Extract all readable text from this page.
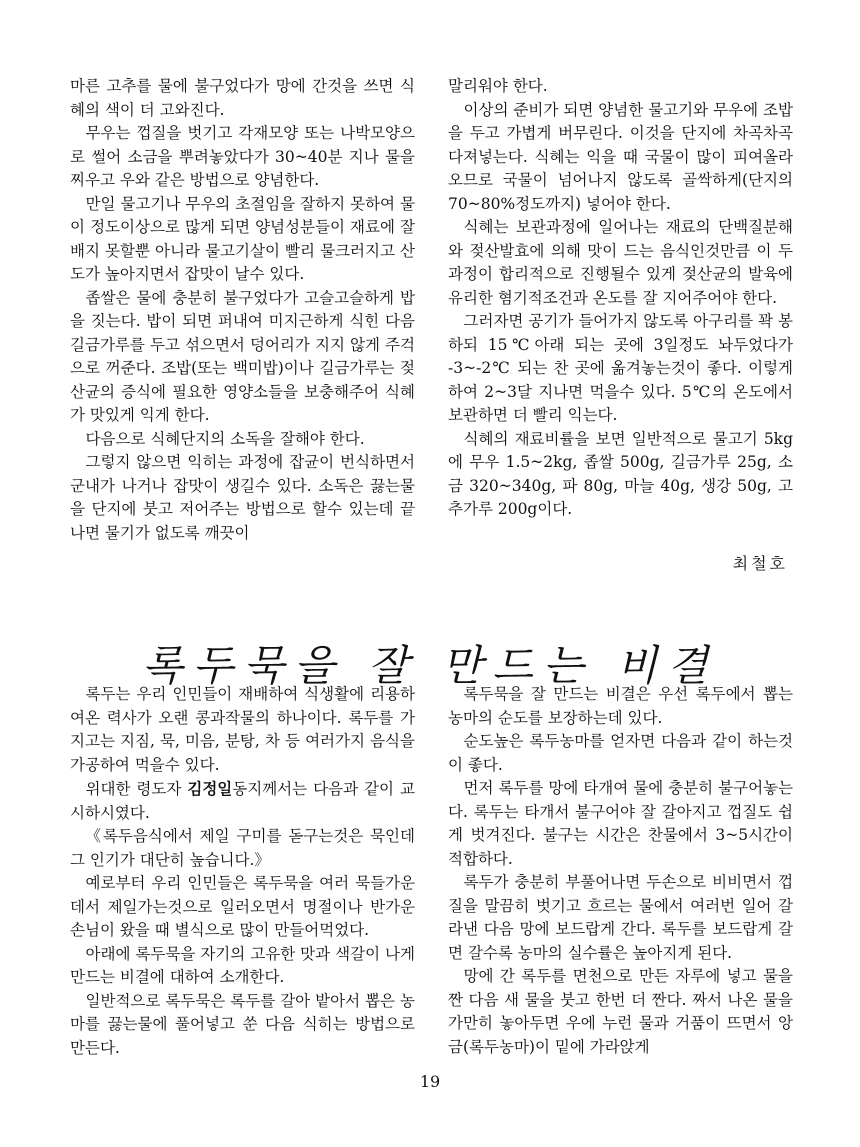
마른 고추를 물에 불구었다가 망에 간것을 쓰면 식혜의 색이 더 고와진다.

무우는 껍질을 벗기고 각재모양 또는 나박모양으로 썰어 소금을 뿌려놓았다가 30~40분 지나 물을 찌우고 우와 같은 방법으로 양념한다.

만일 물고기나 무우의 초절임을 잘하지 못하여 물이 정도이상으로 많게 되면 양념성분들이 재료에 잘 배지 못할뿐 아니라 물고기살이 빨리 물크러지고 산도가 높아지면서 잡맛이 날수 있다.

좁쌀은 물에 충분히 불구었다가 고슬고슬하게 밥을 짓는다. 밥이 되면 퍼내여 미지근하게 식힌 다음 길금가루를 두고 섞으면서 덩어리가 지지 않게 주걱으로 꺼준다. 조밥(또는 백미밥)이나 길금가루는 젖산균의 증식에 필요한 영양소들을 보충해주어 식혜가 맛있게 익게 한다.

다음으로 식혜단지의 소독을 잘해야 한다.

그렇지 않으면 익히는 과정에 잡균이 번식하면서 군내가 나거나 잡맛이 생길수 있다. 소독은 끓는물을 단지에 붓고 저어주는 방법으로 할수 있는데 끝나면 물기가 없도록 깨끗이

말리워야 한다.

이상의 준비가 되면 양념한 물고기와 무우에 조밥을 두고 가볍게 버무린다. 이것을 단지에 차곡차곡 다져넣는다. 식혜는 익을 때 국물이 많이 피여올라오므로 국물이 넘어나지 않도록 골싹하게(단지의 70~80%정도까지) 넣어야 한다.

식혜는 보관과정에 일어나는 재료의 단백질분해와 젖산발효에 의해 맛이 드는 음식인것만큼 이 두 과정이 합리적으로 진행될수 있게 젖산균의 발육에 유리한 혐기적조건과 온도를 잘 지어주어야 한다.

그러자면 공기가 들어가지 않도록 아구리를 꽉 봉하되 15℃아래 되는 곳에 3일정도 놔두었다가 -3~-2℃ 되는 찬 곳에 옮겨놓는것이 좋다. 이렇게 하여 2~3달 지나면 먹을수 있다. 5℃의 온도에서 보관하면 더 빨리 익는다.

식혜의 재료비률을 보면 일반적으로 물고기 5kg에 무우 1.5~2kg, 좁쌀 500g, 길금가루 25g, 소금 320~340g, 파 80g, 마늘 40g, 생강 50g, 고추가루 200g이다.

최철호
록두묵을 잘 만드는 비결

록두는 우리 인민들이 재배하여 식생활에 리용하여온 력사가 오랜 콩과작물의 하나이다. 록두를 가지고는 지짐, 묵, 미음, 분탕, 차 등 여러가지 음식을 가공하여 먹을수 있다.

위대한 령도자 김정일동지께서는 다음과 같이 교시하시였다.

《록두음식에서 제일 구미를 돋구는것은 묵인데 그 인기가 대단히 높습니다.》

예로부터 우리 인민들은 록두묵을 여러 묵들가운데서 제일가는것으로 일러오면서 명절이나 반가운 손님이 왔을 때 별식으로 많이 만들어먹었다.

아래에 록두묵을 자기의 고유한 맛과 색갈이 나게 만드는 비결에 대하여 소개한다.

일반적으로 록두묵은 록두를 갈아 밭아서 뽑은 농마를 끓는물에 풀어넣고 쑨 다음 식히는 방법으로 만든다.

록두묵을 잘 만드는 비결은 우선 록두에서 뽑는 농마의 순도를 보장하는데 있다.

순도높은 록두농마를 얻자면 다음과 같이 하는것이 좋다.

먼저 록두를 망에 타개여 물에 충분히 불구어놓는다. 록두는 타개서 불구어야 잘 갈아지고 껍질도 쉽게 벗겨진다. 불구는 시간은 찬물에서 3~5시간이 적합하다.

록두가 충분히 부풀어나면 두손으로 비비면서 껍질을 말끔히 벗기고 흐르는 물에서 여러번 일어 갈라낸 다음 망에 보드랍게 간다. 록두를 보드랍게 갈면 갈수록 농마의 실수률은 높아지게 된다.

망에 간 록두를 면천으로 만든 자루에 넣고 물을 짠 다음 새 물을 붓고 한번 더 짠다. 짜서 나온 물을 가만히 놓아두면 우에 누런 물과 거품이 뜨면서 앙금(록두농마)이 밑에 가라앉게

19
